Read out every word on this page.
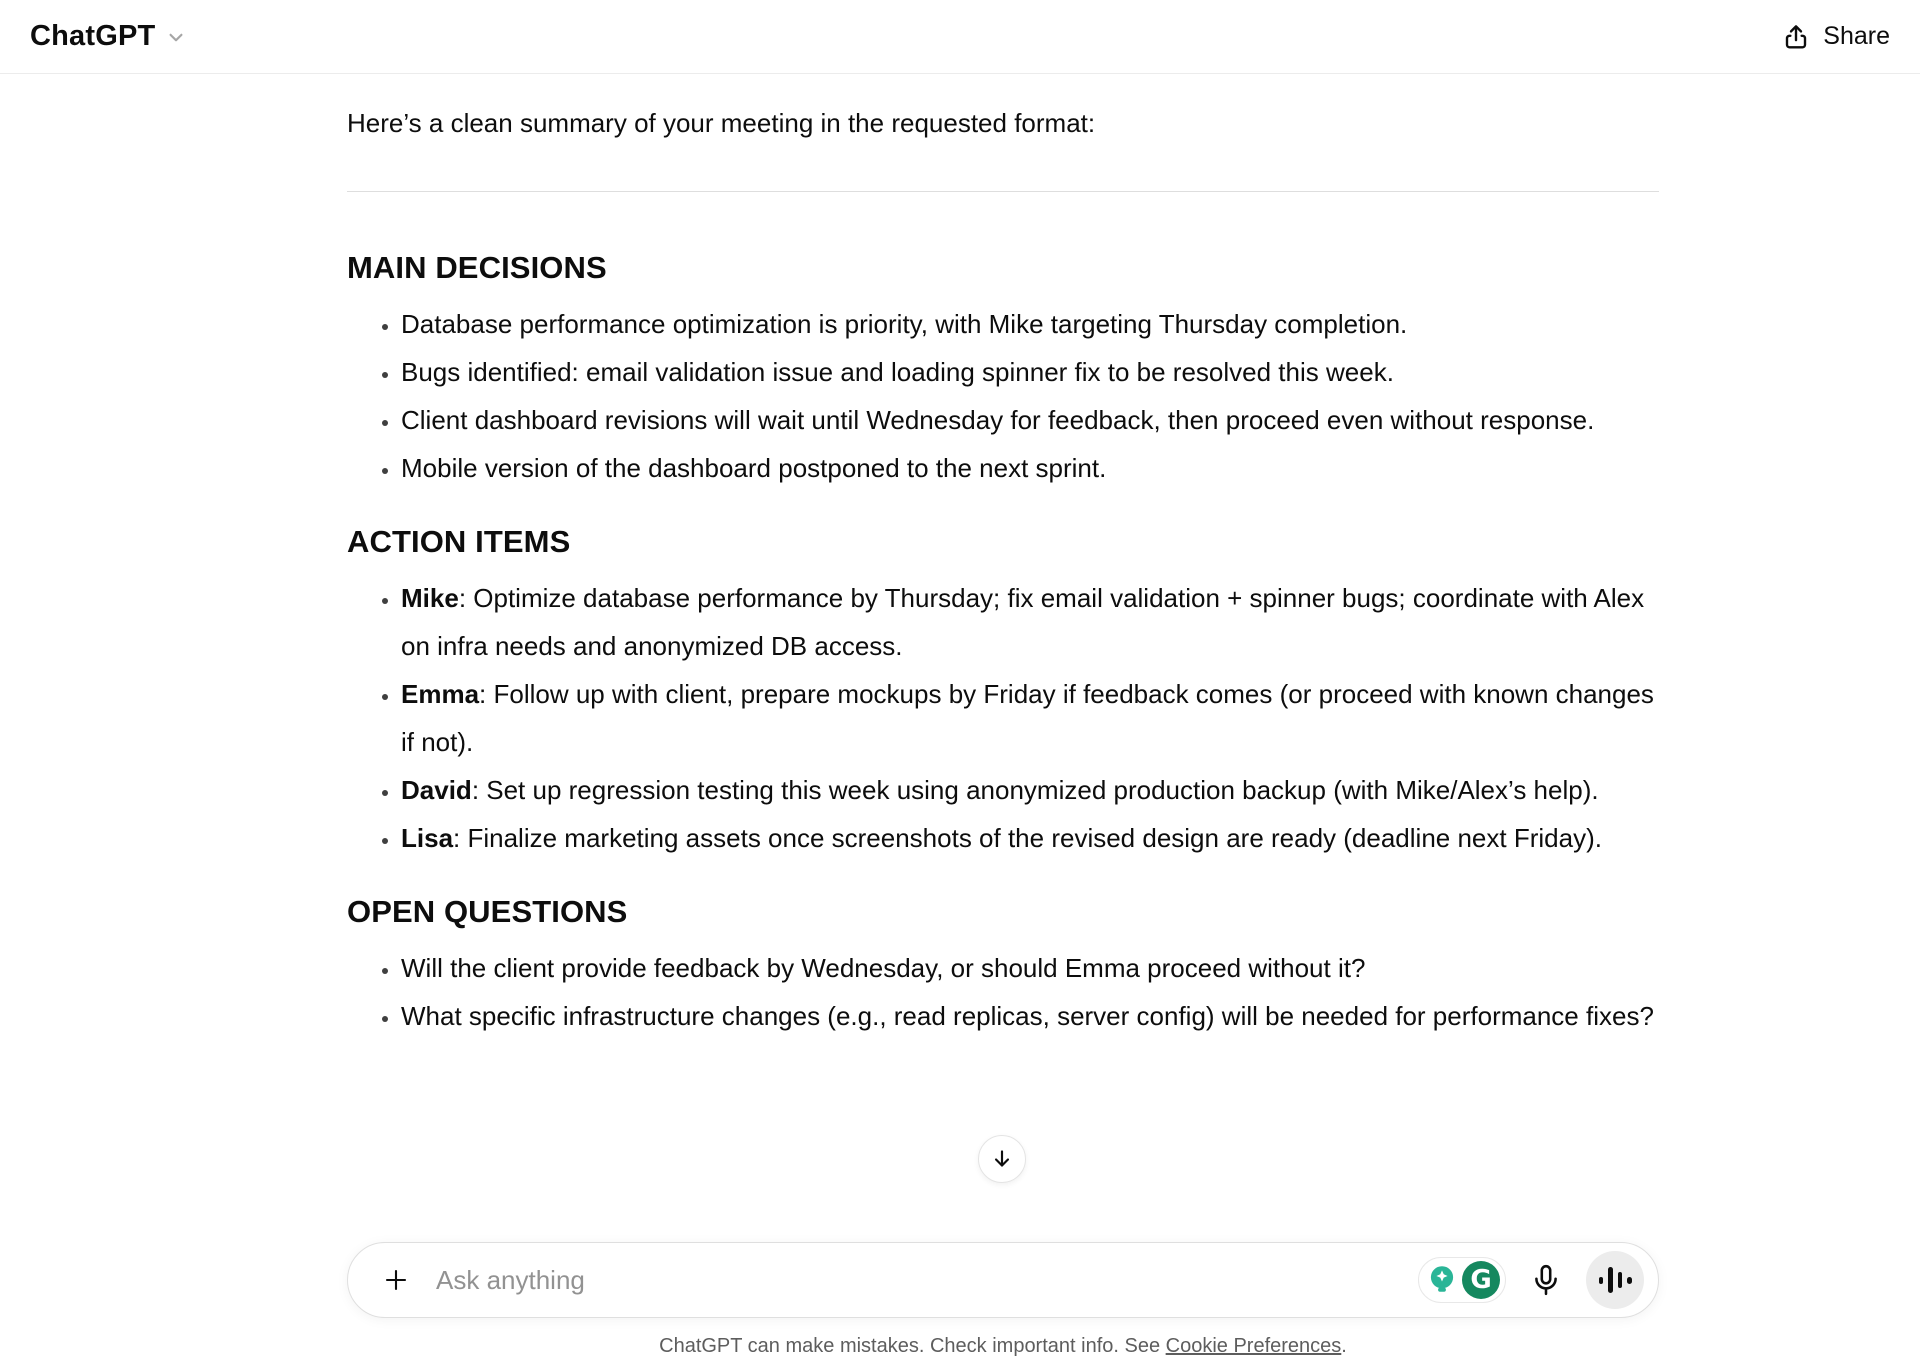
ChatGPT	Share

Here’s a clean summary of your meeting in the requested format:

MAIN DECISIONS
• Database performance optimization is priority, with Mike targeting Thursday completion.
• Bugs identified: email validation issue and loading spinner fix to be resolved this week.
• Client dashboard revisions will wait until Wednesday for feedback, then proceed even without response.
• Mobile version of the dashboard postponed to the next sprint.
ACTION ITEMS
• Mike: Optimize database performance by Thursday; fix email validation + spinner bugs; coordinate with Alex on infra needs and anonymized DB access.
• Emma: Follow up with client, prepare mockups by Friday if feedback comes (or proceed with known changes if not).
• David: Set up regression testing this week using anonymized production backup (with Mike/Alex’s help).
• Lisa: Finalize marketing assets once screenshots of the revised design are ready (deadline next Friday).
OPEN QUESTIONS
• Will the client provide feedback by Wednesday, or should Emma proceed without it?
• What specific infrastructure changes (e.g., read replicas, server config) will be needed for performance fixes?
Ask anything
G
ChatGPT can make mistakes. Check important info. See Cookie Preferences.
